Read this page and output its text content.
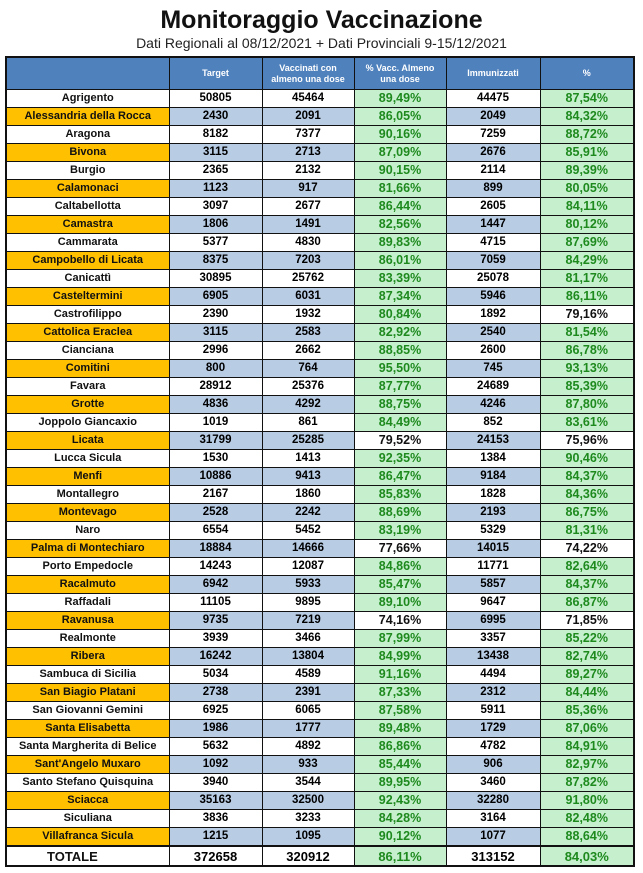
Monitoraggio Vaccinazione
Dati Regionali al 08/12/2021 + Dati Provinciali 9-15/12/2021
	Target	Vaccinati con almeno una dose	% Vacc. Almeno una dose	Immunizzati	%
Agrigento	50805	45464	89,49%	44475	87,54%
Alessandria della Rocca	2430	2091	86,05%	2049	84,32%
Aragona	8182	7377	90,16%	7259	88,72%
Bivona	3115	2713	87,09%	2676	85,91%
Burgio	2365	2132	90,15%	2114	89,39%
Calamonaci	1123	917	81,66%	899	80,05%
Caltabellotta	3097	2677	86,44%	2605	84,11%
Camastra	1806	1491	82,56%	1447	80,12%
Cammarata	5377	4830	89,83%	4715	87,69%
Campobello di Licata	8375	7203	86,01%	7059	84,29%
Canicattì	30895	25762	83,39%	25078	81,17%
Casteltermini	6905	6031	87,34%	5946	86,11%
Castrofilippo	2390	1932	80,84%	1892	79,16%
Cattolica Eraclea	3115	2583	82,92%	2540	81,54%
Cianciana	2996	2662	88,85%	2600	86,78%
Comitini	800	764	95,50%	745	93,13%
Favara	28912	25376	87,77%	24689	85,39%
Grotte	4836	4292	88,75%	4246	87,80%
Joppolo Giancaxio	1019	861	84,49%	852	83,61%
Licata	31799	25285	79,52%	24153	75,96%
Lucca Sicula	1530	1413	92,35%	1384	90,46%
Menfi	10886	9413	86,47%	9184	84,37%
Montallegro	2167	1860	85,83%	1828	84,36%
Montevago	2528	2242	88,69%	2193	86,75%
Naro	6554	5452	83,19%	5329	81,31%
Palma di Montechiaro	18884	14666	77,66%	14015	74,22%
Porto Empedocle	14243	12087	84,86%	11771	82,64%
Racalmuto	6942	5933	85,47%	5857	84,37%
Raffadali	11105	9895	89,10%	9647	86,87%
Ravanusa	9735	7219	74,16%	6995	71,85%
Realmonte	3939	3466	87,99%	3357	85,22%
Ribera	16242	13804	84,99%	13438	82,74%
Sambuca di Sicilia	5034	4589	91,16%	4494	89,27%
San Biagio Platani	2738	2391	87,33%	2312	84,44%
San Giovanni Gemini	6925	6065	87,58%	5911	85,36%
Santa Elisabetta	1986	1777	89,48%	1729	87,06%
Santa Margherita di Belice	5632	4892	86,86%	4782	84,91%
Sant'Angelo Muxaro	1092	933	85,44%	906	82,97%
Santo Stefano Quisquina	3940	3544	89,95%	3460	87,82%
Sciacca	35163	32500	92,43%	32280	91,80%
Siculiana	3836	3233	84,28%	3164	82,48%
Villafranca Sicula	1215	1095	90,12%	1077	88,64%
TOTALE	372658	320912	86,11%	313152	84,03%
